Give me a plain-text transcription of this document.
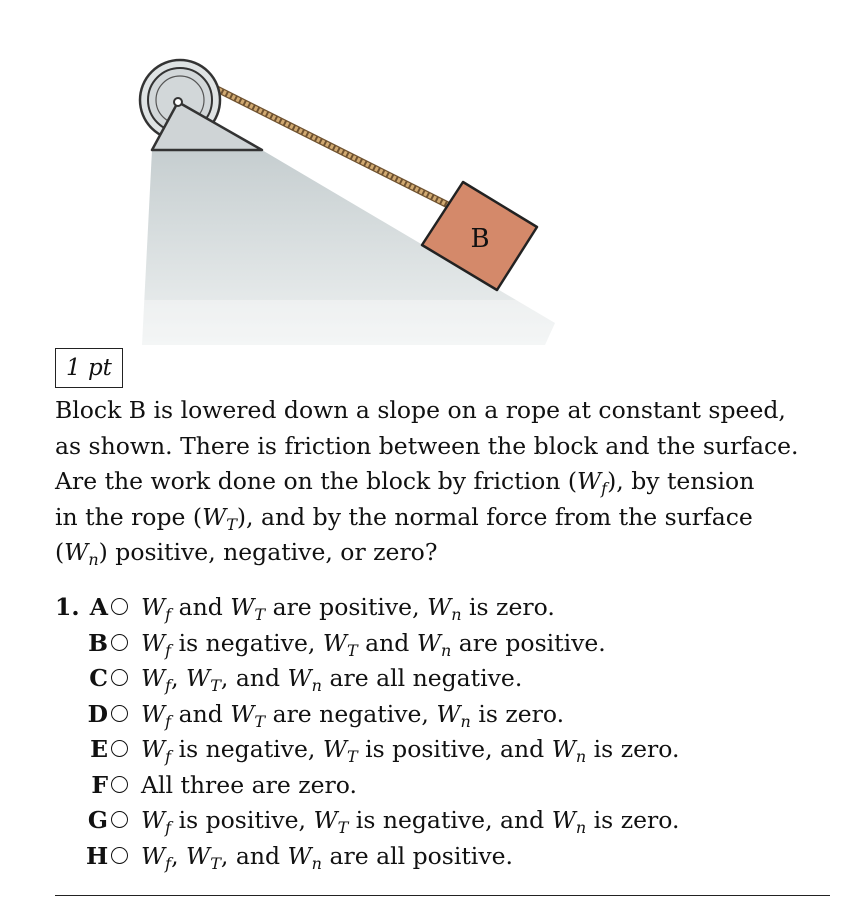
B
1 pt

Block B is lowered down a slope on a rope at constant speed,

as shown. There is friction between the block and the surface.

Are the work done on the block by friction $(W_f)$, by tension

in the rope $(W_T)$, and by the normal force from the surface

$(W_n)$ positive, negative, or zero?

1. A $W_f$ and $W_T$ are positive, $W_n$ is zero.
B $W_f$ is negative, $W_T$ and $W_n$ are positive.
C $W_f$, $W_T$, and $W_n$ are all negative.
D $W_f$ and $W_T$ are negative, $W_n$ is zero.
E $W_f$ is negative, $W_T$ is positive, and $W_n$ is zero.
F All three are zero.
G $W_f$ is positive, $W_T$ is negative, and $W_n$ is zero.
H $W_f$, $W_T$, and $W_n$ are all positive.
